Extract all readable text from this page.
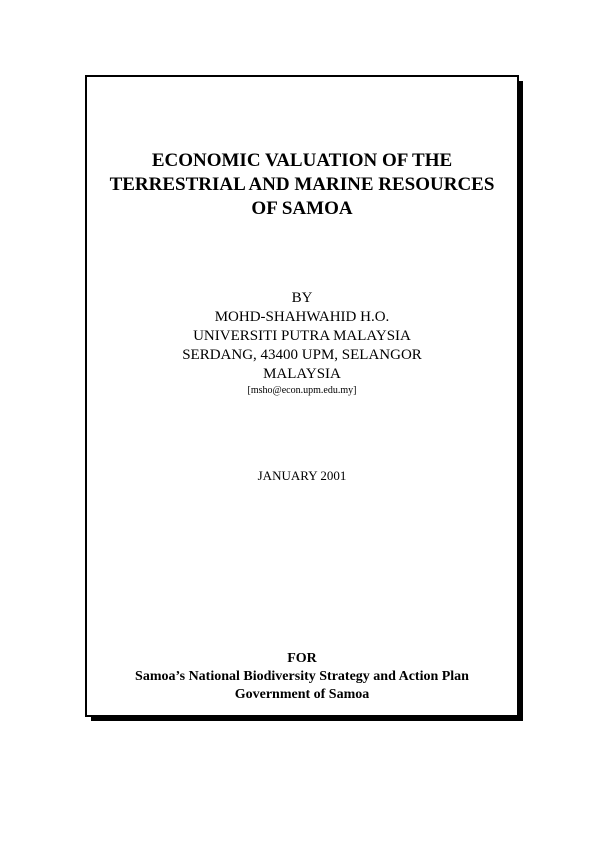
ECONOMIC VALUATION OF THE
TERRESTRIAL AND MARINE RESOURCES
OF SAMOA
BY
MOHD-SHAHWAHID H.O.
UNIVERSITI PUTRA MALAYSIA
SERDANG, 43400 UPM, SELANGOR
MALAYSIA
[msho@econ.upm.edu.my]
JANUARY 2001
FOR
Samoa’s National Biodiversity Strategy and Action Plan
Government of Samoa
